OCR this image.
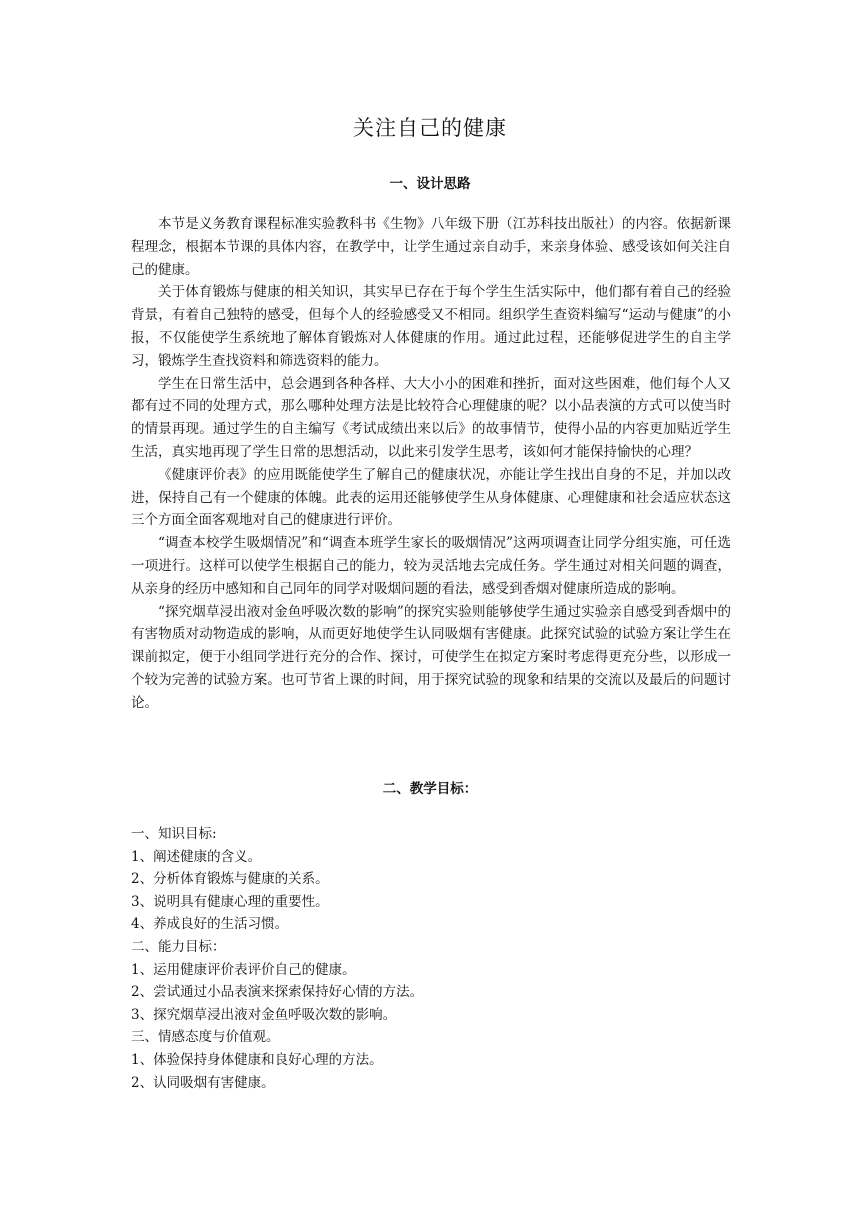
关注自己的健康
一、设计思路

本节是义务教育课程标准实验教科书《生物》八年级下册（江苏科技出版社）的内容。依据新课程理念，根据本节课的具体内容，在教学中，让学生通过亲自动手，来亲身体验、感受该如何关注自己的健康。

关于体育锻炼与健康的相关知识，其实早已存在于每个学生生活实际中，他们都有着自己的经验背景，有着自己独特的感受，但每个人的经验感受又不相同。组织学生查资料编写“运动与健康”的小报，不仅能使学生系统地了解体育锻炼对人体健康的作用。通过此过程，还能够促进学生的自主学习，锻炼学生查找资料和筛选资料的能力。

学生在日常生活中，总会遇到各种各样、大大小小的困难和挫折，面对这些困难，他们每个人又都有过不同的处理方式，那么哪种处理方法是比较符合心理健康的呢？以小品表演的方式可以使当时的情景再现。通过学生的自主编写《考试成绩出来以后》的故事情节，使得小品的内容更加贴近学生生活，真实地再现了学生日常的思想活动，以此来引发学生思考，该如何才能保持愉快的心理？

《健康评价表》的应用既能使学生了解自己的健康状况，亦能让学生找出自身的不足，并加以改进，保持自己有一个健康的体魄。此表的运用还能够使学生从身体健康、心理健康和社会适应状态这三个方面全面客观地对自己的健康进行评价。

“调查本校学生吸烟情况”和“调查本班学生家长的吸烟情况”这两项调查让同学分组实施，可任选一项进行。这样可以使学生根据自己的能力，较为灵活地去完成任务。学生通过对相关问题的调查，从亲身的经历中感知和自己同年的同学对吸烟问题的看法，感受到香烟对健康所造成的影响。

“探究烟草浸出液对金鱼呼吸次数的影响”的探究实验则能够使学生通过实验亲自感受到香烟中的有害物质对动物造成的影响，从而更好地使学生认同吸烟有害健康。此探究试验的试验方案让学生在课前拟定，便于小组同学进行充分的合作、探讨，可使学生在拟定方案时考虑得更充分些，以形成一个较为完善的试验方案。也可节省上课的时间，用于探究试验的现象和结果的交流以及最后的问题讨论。

二、教学目标：
一、知识目标:
1、阐述健康的含义。
2、分析体育锻炼与健康的关系。
3、说明具有健康心理的重要性。
4、养成良好的生活习惯。
二、能力目标：
1、运用健康评价表评价自己的健康。
2、尝试通过小品表演来探索保持好心情的方法。
3、探究烟草浸出液对金鱼呼吸次数的影响。
三、情感态度与价值观。
1、体验保持身体健康和良好心理的方法。
2、认同吸烟有害健康。
